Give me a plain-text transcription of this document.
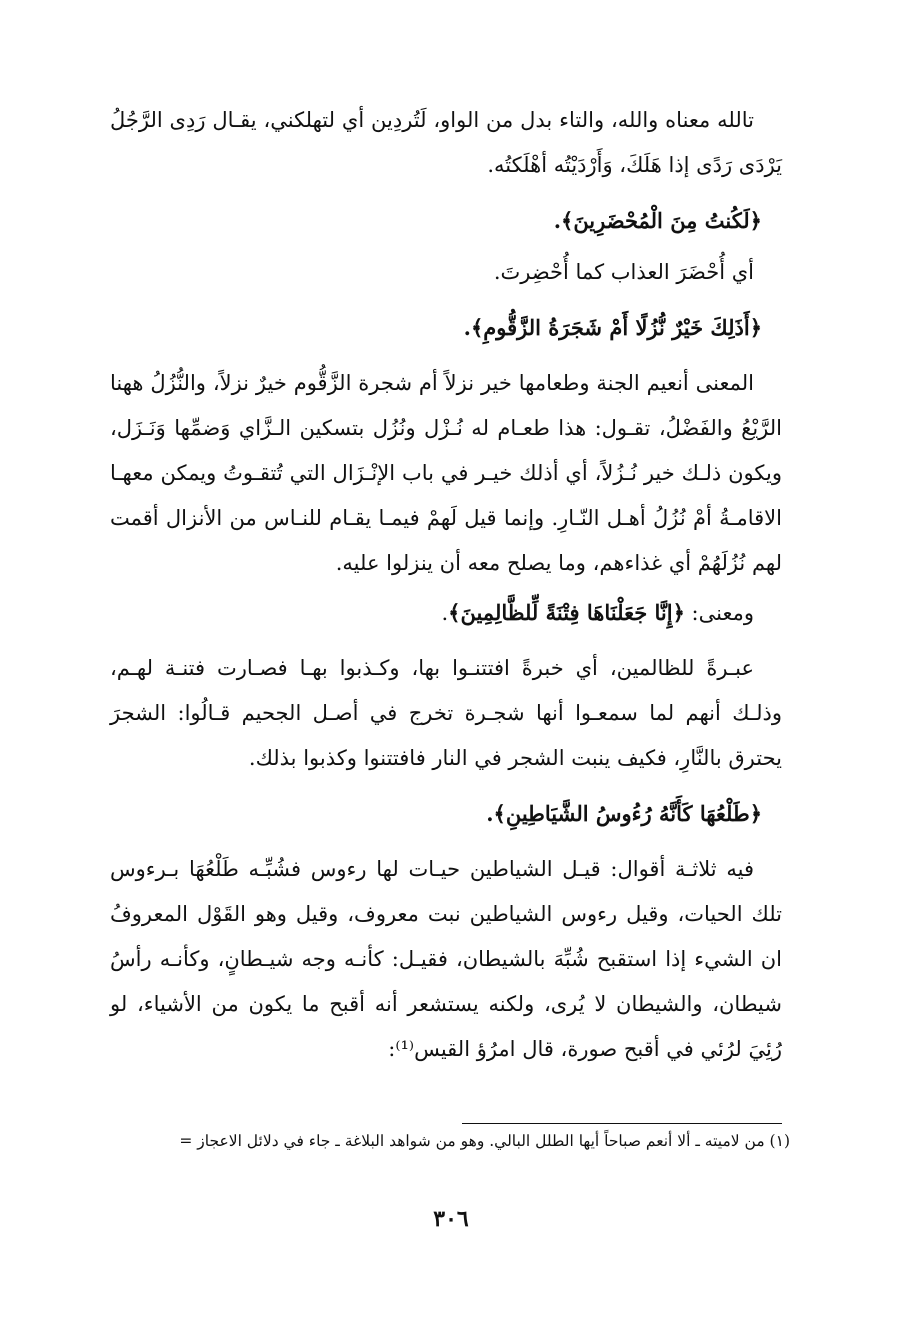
تالله معناه والله، والتاء بدل من الواو، لَتُردِين أي لتهلكني، يقـال رَدِى الرَّجُلُ يَرْدَى رَدًى إذا هَلَكَ، وَأَرْدَيْتُه أهْلَكتُه.

﴿لَكُنتُ مِنَ الْمُحْضَرِينَ﴾.

أي أُحْضَرَ العذاب كما أُحْضِرتَ.

﴿أَذَلِكَ خَيْرٌ نُّزُلًا أَمْ شَجَرَةُ الزَّقُّومِ﴾.

المعنى أنعيم الجنة وطعامها خير نزلاً أم شجرة الزَّقُّوم خيرٌ نزلاً، والنُّزُلُ ههنا الرَّيْعُ والفَضْلُ، تقـول: هذا طعـام له نُـزْل ونُزُل بتسكين الـزَّاي وَضمِّها وَنَـزَل، ويكون ذلـك خير نُـزُلاً، أي أذلك خيـر في باب الإنْـزَال التي تُتقـوتُ ويمكن معهـا الاقامـةُ أمْ نُزُلُ أهـل النّـارِ. وإنما قيل لَهمْ فيمـا يقـام للنـاس من الأنزال أقمت لهم نُزُلَهُمْ أي غذاءهم، وما يصلح معه أن ينزلوا عليه.

ومعنى: ﴿إِنَّا جَعَلْنَاهَا فِتْنَةً لِّلظَّالِمِينَ﴾.

عبـرةً للظالمين، أي خبرةً افتتنـوا بها، وكـذبوا بهـا فصـارت فتنـة لهـم، وذلـك أنهم لما سمعـوا أنها شجـرة تخرج في أصـل الجحيم قـالُوا: الشجرَ يحترق بالنَّارِ، فكيف ينبت الشجر في النار فافتتنوا وكذبوا بذلك.

﴿طَلْعُهَا كَأَنَّهُ رُءُوسُ الشَّيَاطِينِ﴾.

فيه ثلاثـة أقوال: قيـل الشياطين حيـات لها رءوس فشُبِّـه طَلْعُهَا بـرءوس تلك الحيات، وقيل رءوس الشياطين نبت معروف، وقيل وهو القَوْل المعروفُ ان الشيء إذا استقبح شُبِّهَ بالشيطان، فقيـل: كأنـه وجه شيـطانٍ، وكأنـه رأسُ شيطان، والشيطان لا يُرى، ولكنه يستشعر أنه أقبح ما يكون من الأشياء، لو رُئِيَ لرُئي في أقبح صورة، قال امرُؤ القيس⁽¹⁾:

(١) من لاميته ـ ألا أنعم صباحاً أيها الطلل البالي. وهو من شواهد البلاغة ـ جاء في دلائل الاعجاز =
٣٠٦
